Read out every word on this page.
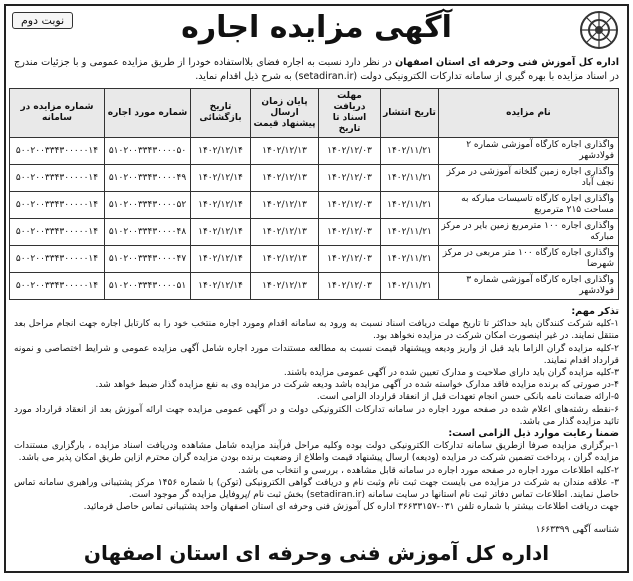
آگهی مزایده اجاره
نوبت دوم
اداره کل آموزش فنی وحرفه ای استان اصفهان در نظر دارد نسبت به اجاره فضای بلااستفاده خودرا از طریق مزایده عمومی و با جزئیات مندرج در اسناد مزایده با بهره گیری از سامانه تدارکات الکترونیکی دولت (setadiran.ir) به شرح ذیل اقدام نماید.
نام مزایده	تاریخ انتشار	مهلت دریافت اسناد تا تاریخ	پایان زمان ارسال پیشنهاد قیمت	تاریخ بازگشائی	شماره مورد اجاره	شماره مزایده در سامانه
واگذاری اجاره کارگاه آموزشی شماره ۲ فولادشهر	۱۴۰۲/۱۱/۲۱	۱۴۰۲/۱۲/۰۳	۱۴۰۲/۱۲/۱۳	۱۴۰۲/۱۲/۱۴	۵۱۰۲۰۰۳۳۴۳۰۰۰۰۵۰	۵۰۰۲۰۰۳۳۴۳۰۰۰۰۰۱۴
واگذاری اجاره زمین گلخانه آموزشی در مرکز نجف آباد	۱۴۰۲/۱۱/۲۱	۱۴۰۲/۱۲/۰۳	۱۴۰۲/۱۲/۱۳	۱۴۰۲/۱۲/۱۴	۵۱۰۲۰۰۳۳۴۳۰۰۰۰۴۹	۵۰۰۲۰۰۳۳۴۳۰۰۰۰۰۱۴
واگذاری اجاره کارگاه تاسیسات مبارکه به مساحت ۲۱۵ مترمربع	۱۴۰۲/۱۱/۲۱	۱۴۰۲/۱۲/۰۳	۱۴۰۲/۱۲/۱۳	۱۴۰۲/۱۲/۱۴	۵۱۰۲۰۰۳۳۴۳۰۰۰۰۵۲	۵۰۰۲۰۰۳۳۴۳۰۰۰۰۰۱۴
واگذاری اجاره ۱۰۰ مترمربع زمین بایر در مرکز مبارکه	۱۴۰۲/۱۱/۲۱	۱۴۰۲/۱۲/۰۳	۱۴۰۲/۱۲/۱۳	۱۴۰۲/۱۲/۱۴	۵۱۰۲۰۰۳۳۴۳۰۰۰۰۴۸	۵۰۰۲۰۰۳۳۴۳۰۰۰۰۰۱۴
واگذاری اجاره کارگاه ۱۰۰ متر مربعی در مرکز شهرضا	۱۴۰۲/۱۱/۲۱	۱۴۰۲/۱۲/۰۳	۱۴۰۲/۱۲/۱۳	۱۴۰۲/۱۲/۱۴	۵۱۰۲۰۰۳۳۴۳۰۰۰۰۴۷	۵۰۰۲۰۰۳۳۴۳۰۰۰۰۰۱۴
واگذاری اجاره کارگاه آموزشی شماره ۳ فولادشهر	۱۴۰۲/۱۱/۲۱	۱۴۰۲/۱۲/۰۳	۱۴۰۲/۱۲/۱۳	۱۴۰۲/۱۲/۱۴	۵۱۰۲۰۰۳۳۴۳۰۰۰۰۵۱	۵۰۰۲۰۰۳۳۴۳۰۰۰۰۰۱۴

تذکر مهم:

۱-کلیه شرکت کنندگان باید حداکثر تا تاریخ مهلت دریافت اسناد نسبت به ورود به سامانه اقدام ومورد اجاره منتخب خود را به کارتابل اجاره جهت انجام مراحل بعد منتقل نمایند. در غیر اینصورت امکان شرکت در مزایده نخواهد بود.

۲-کلیه مزایده گران الزاما باید قبل از واریز ودیعه وپیشنهاد قیمت نسبت به مطالعه مستندات مورد اجاره شامل آگهی مزایده عمومی و شرایط اختصاصی و نمونه قرارداد اقدام نمایند.

۳-کلیه مزایده گران باید دارای صلاحیت و مدارک تعیین شده در آگهی عمومی مزایده باشند.

۴-در صورتی که برنده مزایده فاقد مدارک خواسته شده در آگهی مزایده باشد ودیعه شرکت در مزایده وی به نفع مزایده گذار ضبط خواهد شد.

۵-ارائه ضمانت نامه بانکی حسن انجام تعهدات قبل از انعقاد قرارداد الزامی است.

۶-نقطه رشته‌های اعلام شده در صفحه مورد اجاره در سامانه تدارکات الکترونیکی دولت و در آگهی عمومی مزایده جهت ارائه آموزش بعد از انعقاد قرارداد مورد تائید مزایده گذار می باشد.

ضمنا رعایت موارد ذیل الزامی است:

۱-برگزاری مزایده صرفا ازطریق سامانه تدارکات الکترونیکی دولت بوده وکلیه مراحل فرآیند مزایده شامل مشاهده ودریافت اسناد مزایده ، بارگزاری مستندات مزایده گران ، پرداخت تضمین شرکت در مزایده (ودیعه) ارسال پیشنهاد قیمت واطلاع از وضعیت برنده بودن مزایده گران محترم ازاین طریق امکان پذیر می باشد.

۲-کلیه اطلاعات مورد اجاره در صفحه مورد اجاره در سامانه قابل مشاهده ، بررسی و انتخاب می باشد.

۳- علاقه مندان به شرکت در مزایده می بایست جهت ثبت نام وثبت نام و دریافت گواهی الکترونیکی (توکن) با شماره ۱۴۵۶ مرکز پشتیبانی وراهبری سامانه تماس حاصل نمایند. اطلاعات تماس دفاتر ثبت نام استانها در سایت سامانه (setadiran.ir) بخش ثبت نام /پروفایل مزایده گر موجود است.

جهت دریافت اطلاعات بیشتر با شماره تلفن ۰۳۱-۳۶۶۳۳۱۵۷ اداره کل آموزش فنی وحرفه ای استان اصفهان واحد پشتیبانی تماس حاصل فرمائید.

شناسه آگهی ۱۶۶۳۳۹۹
اداره کل آموزش فنی وحرفه ای استان اصفهان
